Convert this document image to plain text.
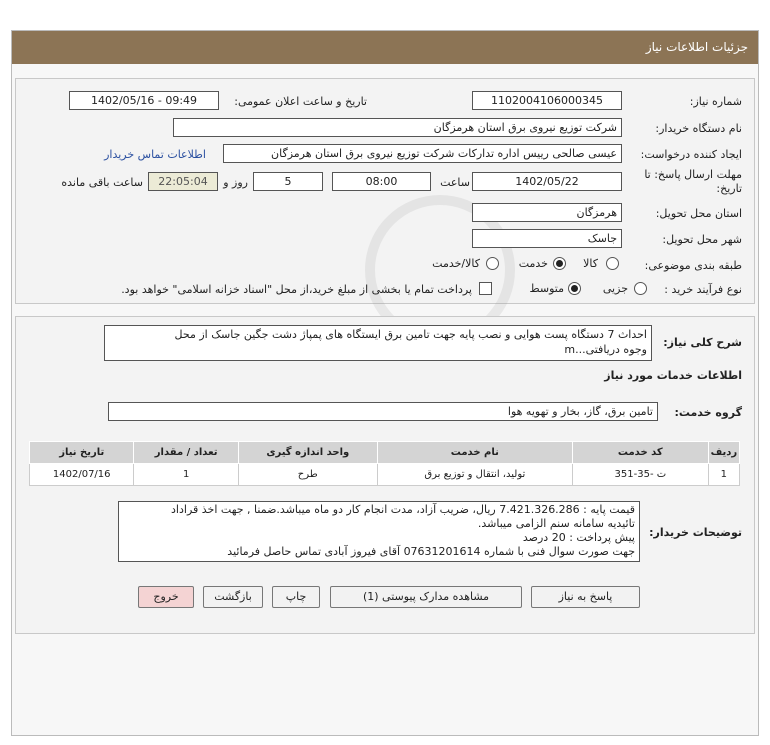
جزئیات اطلاعات نیاز
شماره نیاز:
1102004106000345
تاریخ و ساعت اعلان عمومی:
1402/05/16 - 09:49
نام دستگاه خریدار:
شرکت توزیع نیروی برق استان هرمزگان
ایجاد کننده درخواست:
عیسی صالحی رییس اداره تدارکات شرکت توزیع نیروی برق استان هرمزگان
اطلاعات تماس خریدار
مهلت ارسال پاسخ: تا
تاریخ:
1402/05/22
ساعت
08:00
5
روز و
22:05:04
ساعت باقی مانده
استان محل تحویل:
هرمزگان
شهر محل تحویل:
جاسک
طبقه بندی موضوعی:
کالا
خدمت
کالا/خدمت
نوع فرآیند خرید :
جزیی
متوسط
پرداخت تمام یا بخشی از مبلغ خرید،از محل "اسناد خزانه اسلامی" خواهد بود.
شرح کلی نیاز:
احداث 7 دستگاه پست هوایی و نصب پایه جهت تامین برق ایستگاه های پمپاژ دشت جگین جاسک از محل
وجوه دریافتی...m
اطلاعات خدمات مورد نیاز
گروه خدمت:
تامین برق، گاز، بخار و تهویه هوا
ردیف	کد خدمت	نام خدمت	واحد اندازه گیری	تعداد / مقدار	تاریخ نیاز
1	ت -35-351	تولید، انتقال و توزیع برق	طرح	1	1402/07/16
توضیحات خریدار:
قیمت پایه : 7.421.326.286 ریال، ضریب آزاد، مدت انجام کار دو ماه میباشد.ضمنا , جهت اخذ قراداد
تائیدیه سامانه سنم الزامی میباشد.
پیش پرداخت : 20 درصد
جهت صورت سوال فنی با شماره 07631201614 آقای فیروز آبادی تماس حاصل فرمائید
پاسخ به نیاز
مشاهده مدارک پیوستی (1)
چاپ
بازگشت
خروج
